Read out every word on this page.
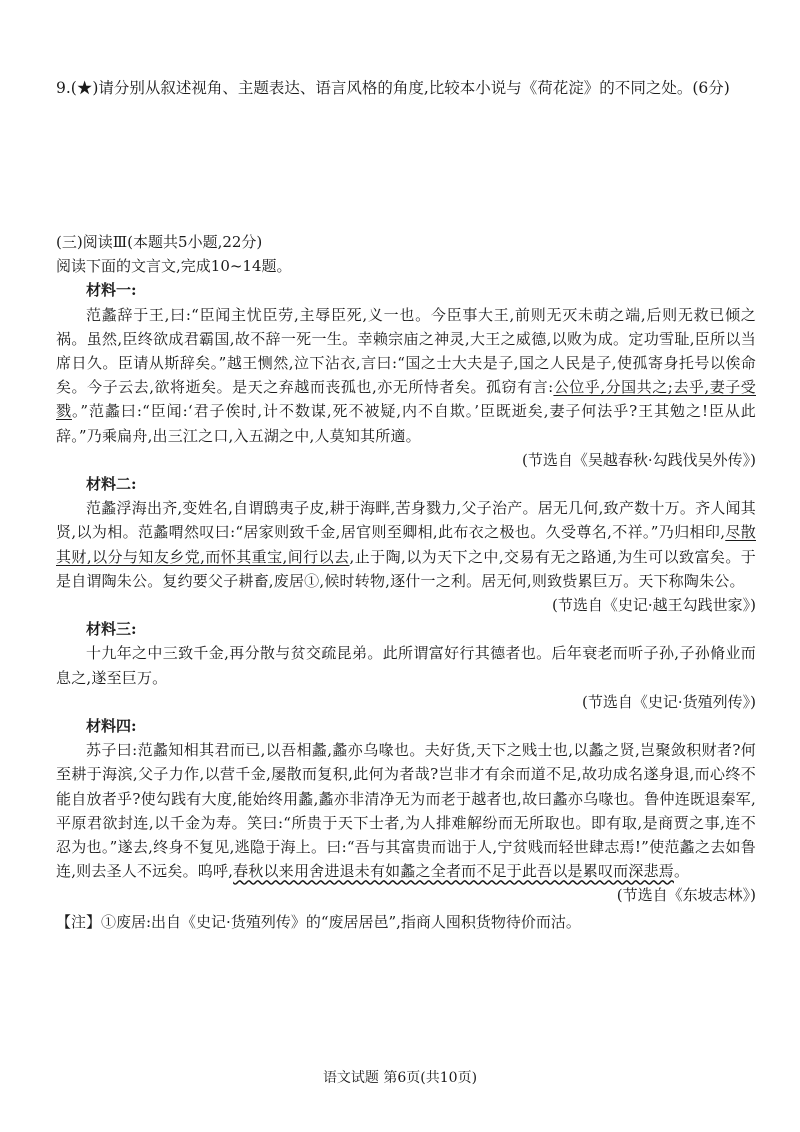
9.(★)请分别从叙述视角、主题表达、语言风格的角度,比较本小说与《荷花淀》的不同之处。(6分)

(三)阅读Ⅲ(本题共5小题,22分)

阅读下面的文言文,完成10~14题。

材料一:

范蠡辞于王,曰:“臣闻主忧臣劳,主辱臣死,义一也。今臣事大王,前则无灭未萌之端,后则无救已倾之祸。虽然,臣终欲成君霸国,故不辞一死一生。幸赖宗庙之神灵,大王之威德,以败为成。定功雪耻,臣所以当席日久。臣请从斯辞矣。”越王恻然,泣下沾衣,言曰:“国之士大夫是子,国之人民是子,使孤寄身托号以俟命矣。今子云去,欲将逝矣。是天之弃越而丧孤也,亦无所恃者矣。孤窃有言:公位乎,分国共之;去乎,妻子受戮。”范蠡曰:“臣闻:‘君子俟时,计不数谋,死不被疑,内不自欺。’臣既逝矣,妻子何法乎?王其勉之!臣从此辞。”乃乘扁舟,出三江之口,入五湖之中,人莫知其所適。

(节选自《吴越春秋·勾践伐吴外传》)

材料二:

范蠡浮海出齐,变姓名,自谓鸱夷子皮,耕于海畔,苦身戮力,父子治产。居无几何,致产数十万。齐人闻其贤,以为相。范蠡喟然叹曰:“居家则致千金,居官则至卿相,此布衣之极也。久受尊名,不祥。”乃归相印,尽散其财,以分与知友乡党,而怀其重宝,间行以去,止于陶,以为天下之中,交易有无之路通,为生可以致富矣。于是自谓陶朱公。复约要父子耕畜,废居①,候时转物,逐什一之利。居无何,则致赀累巨万。天下称陶朱公。

(节选自《史记·越王勾践世家》)

材料三:

十九年之中三致千金,再分散与贫交疏昆弟。此所谓富好行其德者也。后年衰老而听子孙,子孙脩业而息之,遂至巨万。

(节选自《史记·货殖列传》)

材料四:

苏子曰:范蠡知相其君而已,以吾相蠡,蠡亦乌喙也。夫好货,天下之贱士也,以蠡之贤,岂聚敛积财者?何至耕于海滨,父子力作,以营千金,屡散而复积,此何为者哉?岂非才有余而道不足,故功成名遂身退,而心终不能自放者乎?使勾践有大度,能始终用蠡,蠡亦非清净无为而老于越者也,故曰蠡亦乌喙也。鲁仲连既退秦军,平原君欲封连,以千金为寿。笑曰:“所贵于天下士者,为人排难解纷而无所取也。即有取,是商贾之事,连不忍为也。”遂去,终身不复见,逃隐于海上。曰:“吾与其富贵而诎于人,宁贫贱而轻世肆志焉!”使范蠡之去如鲁连,则去圣人不远矣。呜呼,春秋以来用舍进退未有如蠡之全者而不足于此吾以是累叹而深悲焉。

(节选自《东坡志林》)

【注】①废居:出自《史记·货殖列传》的“废居居邑”,指商人囤积货物待价而沽。

语文试题 第6页(共10页)
